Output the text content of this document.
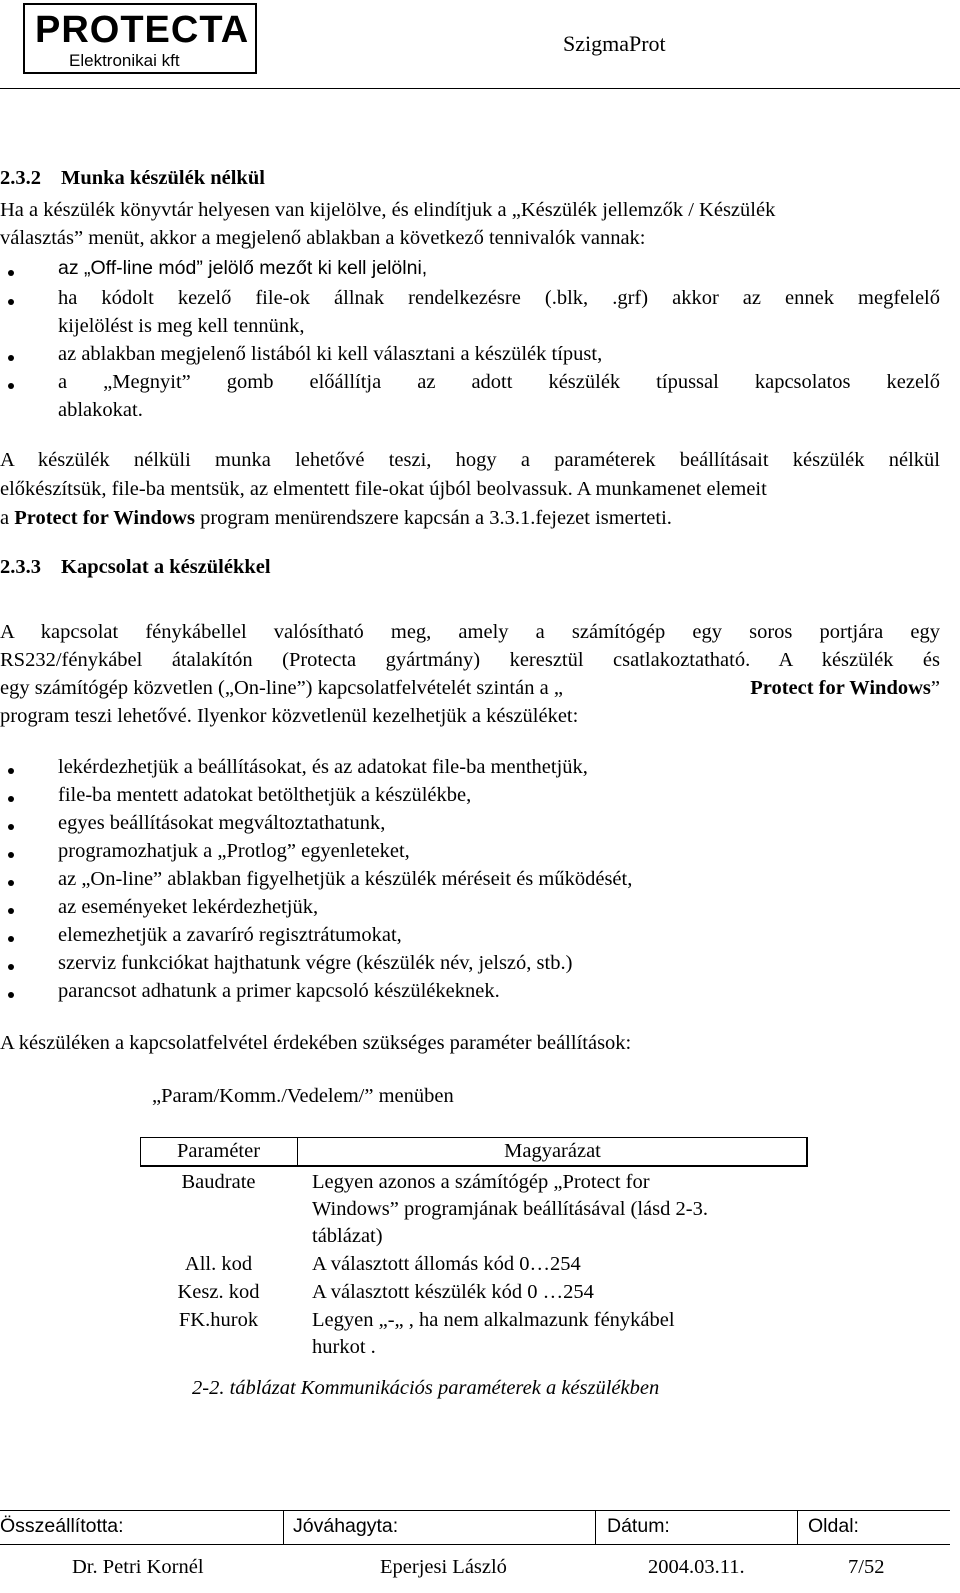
PROTECTA
Elektronikai kft
SzigmaProt
2.3.2 Munka készülék nélkül
Ha a készülék könyvtár helyesen van kijelölve, és elindítjuk a „Készülék jellemzők / Készülék
választás” menüt, akkor a megjelenő ablakban a következő tennivalók vannak:
az „Off-line mód” jelölő mezőt ki kell jelölni,
ha kódolt kezelő file-ok állnak rendelkezésre (.blk, .grf) akkor az ennek megfelelő
kijelölést is meg kell tennünk,
az ablakban megjelenő listából ki kell választani a készülék típust,
a „Megnyit” gomb előállítja az adott készülék típussal kapcsolatos kezelő
ablakokat.
A készülék nélküli munka lehetővé teszi, hogy a paraméterek beállításait készülék nélkül
előkészítsük, file-ba mentsük, az elmentett file-okat újból beolvassuk. A munkamenet elemeit
a Protect for Windows program menürendszere kapcsán a 3.3.1.fejezet ismerteti.
2.3.3 Kapcsolat a készülékkel
A kapcsolat fénykábellel valósítható meg, amely a számítógép egy soros portjára egy
RS232/fénykábel átalakítón (Protecta gyártmány) keresztül csatlakoztatható. A készülék és
egy számítógép közvetlen („On-line”) kapcsolatfelvételét szintán a „	Protect for Windows”
program teszi lehetővé. Ilyenkor közvetlenül kezelhetjük a készüléket:
lekérdezhetjük a beállításokat, és az adatokat file-ba menthetjük,
file-ba mentett adatokat betölthetjük a készülékbe,
egyes beállításokat megváltoztathatunk,
programozhatjuk a „Protlog” egyenleteket,
az „On-line” ablakban figyelhetjük a készülék méréseit és működését,
az eseményeket lekérdezhetjük,
elemezhetjük a zavaríró regisztrátumokat,
szerviz funkciókat hajthatunk végre (készülék név, jelszó, stb.)
parancsot adhatunk a primer kapcsoló készülékeknek.
A készüléken a kapcsolatfelvétel érdekében szükséges paraméter beállítások:
„Param/Komm./Vedelem/” menüben
Paraméter	Magyarázat
Baudrate	Legyen azonos a számítógép „Protect for
Windows” programjának beállításával (lásd 2-3.
táblázat)
All. kod	A választott állomás kód 0…254
Kesz. kod	A választott készülék kód 0 …254
FK.hurok	Legyen „-„ , ha nem alkalmazunk fénykábel
hurkot .
2-2. táblázat Kommunikációs paraméterek a készülékben
Összeállította:	Jóváhagyta:	Dátum:	Oldal:
Dr. Petri Kornél	Eperjesi László	2004.03.11.	7/52
